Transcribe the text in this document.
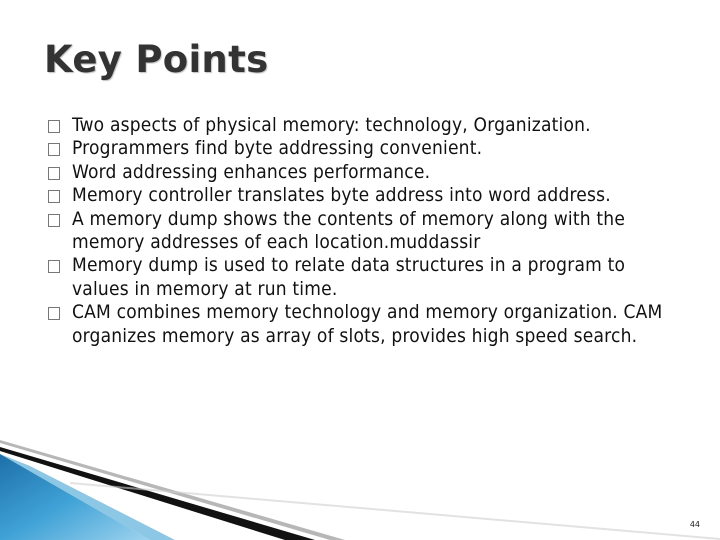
Key Points
Two aspects of physical memory: technology, Organization.
Programmers find byte addressing convenient.
Word addressing enhances performance.
Memory controller translates byte address into word address.
A memory dump shows the contents of memory along with the memory addresses of each location.muddassir
Memory dump is used to relate data structures in a program to values in memory at run time.
CAM combines memory technology and memory organization. CAM organizes memory as array of slots, provides high speed search.
44
